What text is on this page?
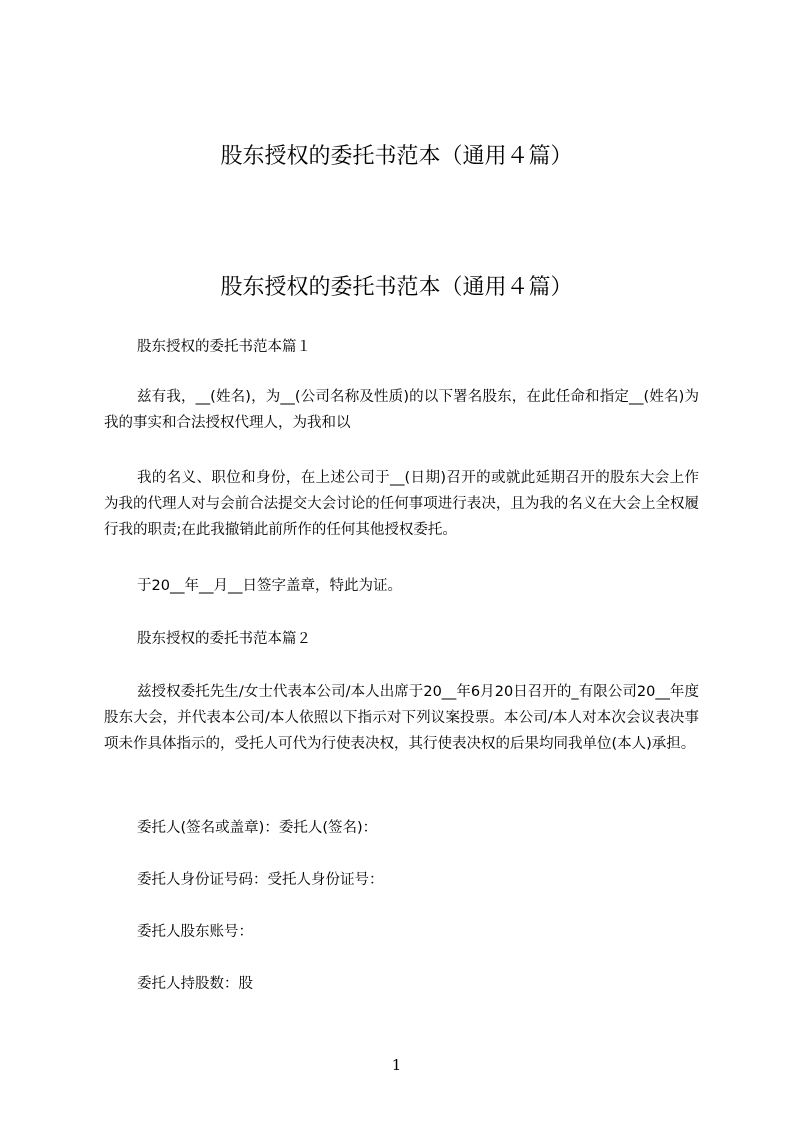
股东授权的委托书范本（通用４篇）
股东授权的委托书范本（通用４篇）
股东授权的委托书范本篇１
兹有我，__(姓名)，为__(公司名称及性质)的以下署名股东，在此任命和指定__(姓名)为我的事实和合法授权代理人，为我和以
我的名义、职位和身份，在上述公司于__(日期)召开的或就此延期召开的股东大会上作为我的代理人对与会前合法提交大会讨论的任何事项进行表决，且为我的名义在大会上全权履行我的职责;在此我撤销此前所作的任何其他授权委托。
于20__年__月__日签字盖章，特此为证。
股东授权的委托书范本篇２
兹授权委托先生/女士代表本公司/本人出席于20__年6月20日召开的_有限公司20__年度股东大会，并代表本公司/本人依照以下指示对下列议案投票。本公司/本人对本次会议表决事项未作具体指示的，受托人可代为行使表决权，其行使表决权的后果均同我单位(本人)承担。
委托人(签名或盖章)：委托人(签名)：
委托人身份证号码：受托人身份证号：
委托人股东账号：
委托人持股数：股
1
